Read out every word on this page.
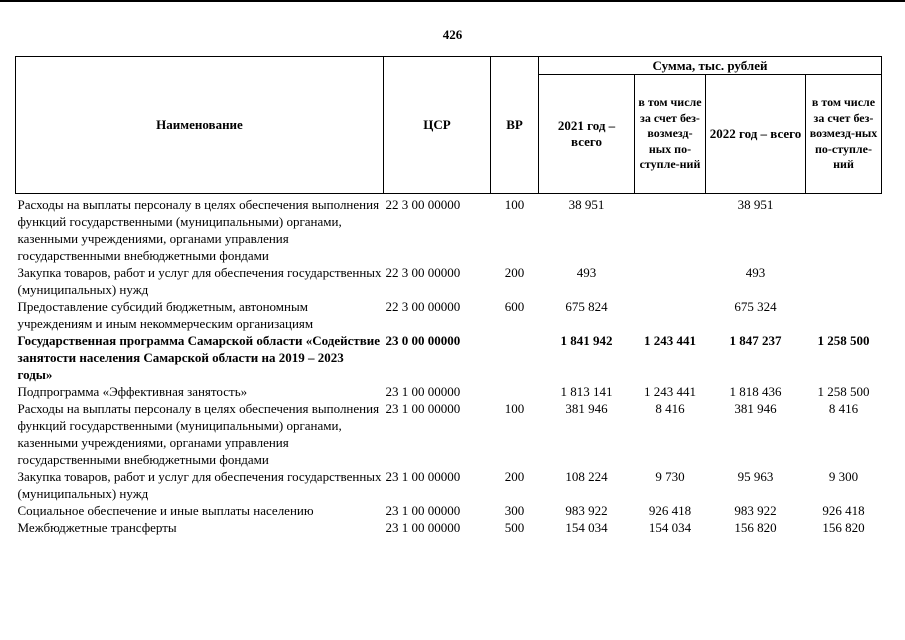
426
Наименование	ЦСР	ВР	Сумма, тыс. рублей			
			2021 год – всего	в том числе за счет без-возмезд-ных по-ступле-ний	2022 год – всего	в том числе за счет без-возмезд-ных по-ступле-ний
Расходы на выплаты персоналу в целях обеспечения выполнения функций государственными (муниципальными) органами, казенными учреждениями, органами управления государственными внебюджетными фондами	22 3 00 00000	100	38 951		38 951	
Закупка товаров, работ и услуг для обеспечения государственных (муниципальных) нужд	22 3 00 00000	200	493		493	
Предоставление субсидий бюджетным, автономным учреждениям и иным некоммерческим организациям	22 3 00 00000	600	675 824		675 324	
Государственная программа Самарской области «Содействие занятости населения Самарской области на 2019 – 2023 годы»	23 0 00 00000		1 841 942	1 243 441	1 847 237	1 258 500
Подпрограмма «Эффективная занятость»	23 1 00 00000		1 813 141	1 243 441	1 818 436	1 258 500
Расходы на выплаты персоналу в целях обеспечения выполнения функций государственными (муниципальными) органами, казенными учреждениями, органами управления государственными внебюджетными фондами	23 1 00 00000	100	381 946	8 416	381 946	8 416
Закупка товаров, работ и услуг для обеспечения государственных (муниципальных) нужд	23 1 00 00000	200	108 224	9 730	95 963	9 300
Социальное обеспечение и иные выплаты населению	23 1 00 00000	300	983 922	926 418	983 922	926 418
Межбюджетные трансферты	23 1 00 00000	500	154 034	154 034	156 820	156 820
